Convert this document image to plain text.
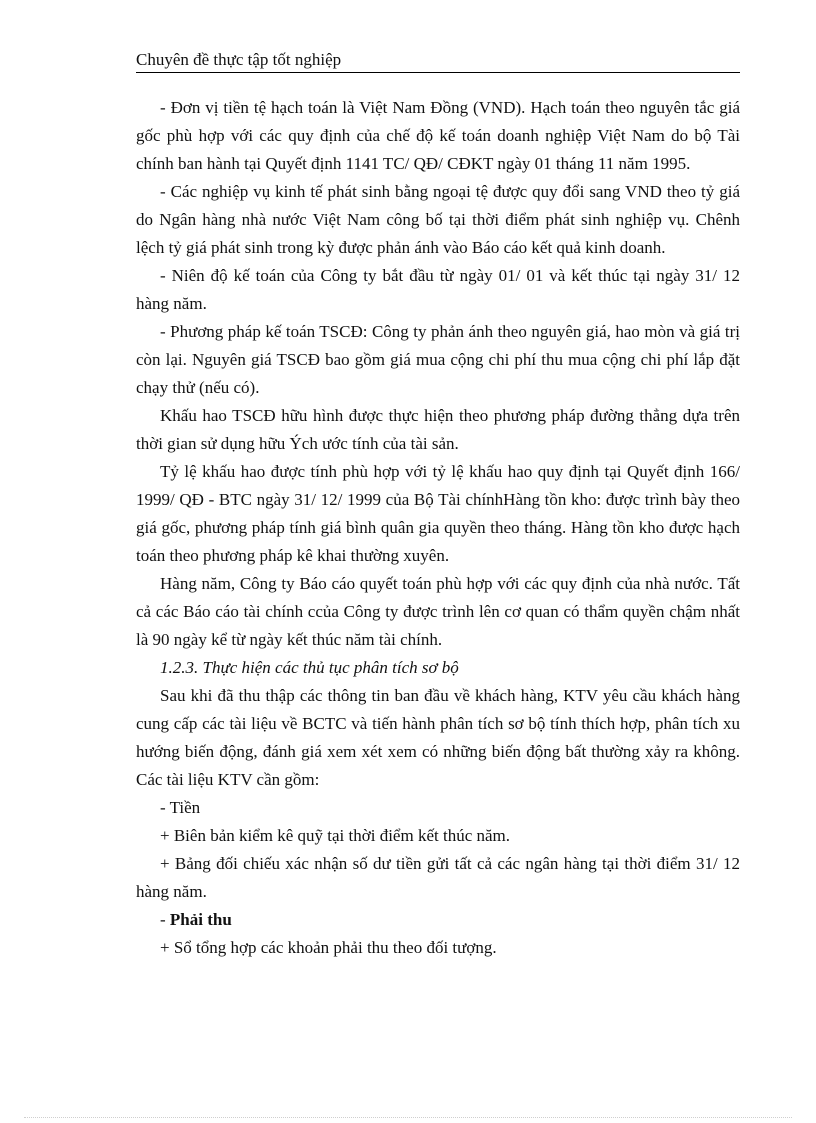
Chuyên đề thực tập tốt nghiệp

- Đơn vị tiền tệ hạch toán là Việt Nam Đồng (VND). Hạch toán theo nguyên tắc giá gốc phù hợp với các quy định của chế độ kế toán doanh nghiệp Việt Nam do bộ Tài chính ban hành tại Quyết định 1141 TC/ QĐ/ CĐKT ngày 01 tháng 11 năm 1995.

- Các nghiệp vụ kinh tế phát sinh bằng ngoại tệ được quy đổi sang VND theo tỷ giá do Ngân hàng nhà nước Việt Nam công bố tại thời điểm phát sinh nghiệp vụ. Chênh lệch tỷ giá phát sinh trong kỳ được phản ánh vào Báo cáo kết quả kinh doanh.

- Niên độ kế toán của Công ty bắt đầu từ ngày 01/ 01 và kết thúc tại ngày 31/ 12 hàng năm.

- Phương pháp kế toán TSCĐ: Công ty phản ánh theo nguyên giá, hao mòn và giá trị còn lại. Nguyên giá TSCĐ bao gồm giá mua cộng chi phí thu mua cộng chi phí lắp đặt chạy thử (nếu có).

Khấu hao TSCĐ hữu hình được thực hiện theo phương pháp đường thẳng dựa trên thời gian sử dụng hữu Ých ước tính của tài sản.

Tỷ lệ khấu hao được tính phù hợp với tỷ lệ khấu hao quy định tại Quyết định 166/ 1999/ QĐ - BTC ngày 31/ 12/ 1999 của Bộ Tài chínhHàng tồn kho: được trình bày theo giá gốc, phương pháp tính giá bình quân gia quyền theo tháng. Hàng tồn kho được hạch toán theo phương pháp kê khai thường xuyên.

Hàng năm, Công ty Báo cáo quyết toán phù hợp với các quy định của nhà nước. Tất cả các Báo cáo tài chính ccủa Công ty được trình lên cơ quan có thẩm quyền chậm nhất là 90 ngày kể từ ngày kết thúc năm tài chính.

1.2.3. Thực hiện các thủ tục phân tích sơ bộ

Sau khi đã thu thập các thông tin ban đầu về khách hàng, KTV yêu cầu khách hàng cung cấp các tài liệu về BCTC và tiến hành phân tích sơ bộ tính thích hợp, phân tích xu hướng biến động, đánh giá xem xét xem có những biến động bất thường xảy ra không. Các tài liệu KTV cần gồm:

- Tiền

+ Biên bản kiểm kê quỹ tại thời điểm kết thúc năm.

+ Bảng đối chiếu xác nhận số dư tiền gửi tất cả các ngân hàng tại thời điểm 31/ 12 hàng năm.

- Phải thu

+ Sổ tổng hợp các khoản phải thu theo đối tượng.
